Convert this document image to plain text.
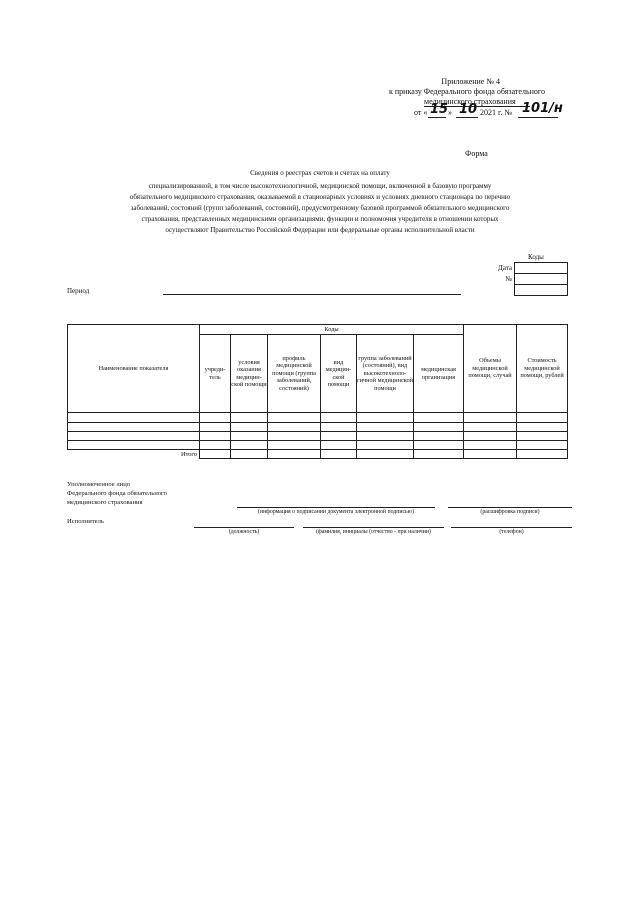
Приложение № 4
к приказу Федерального фонда обязательного
медицинского страхования
от « 15 » 10 2021 г. № 101/н
Форма
Сведения о реестрах счетов и счетах на оплату
специализированной, в том числе высокотехнологичной, медицинской помощи, включенной в базовую программу
обязательного медицинского страхования, оказываемой в стационарных условиях и условиях дневного стационара по перечню
заболеваний, состояний (групп заболеваний, состояний), предусмотренному базовой программой обязательного медицинского
страхования, представленных медицинскими организациями, функции и полномочия учредителя в отношении которых
осуществляют Правительство Российской Федерации или федеральные органы исполнительной власти
Коды
Дата
№
Период
Наименование показателя	Коды						Объемы медицинской помощи, случай	Стоимость медицинской помощи, рублей
	учреди-тель	условия оказания медицин-ской помощи	профиль медицинской помощи (группа заболеваний, состояний)	вид медицин-ской помощи	группа заболеваний (состояний), вид высокотехноло-гичной медицинской помощи	медицинская организация		

Итого								
Уполномоченное лицо
Федерального фонда обязательного
медицинского страхования
(информация о подписании документа электронной подписью)	(расшифровка подписи)
Исполнитель
(должность)	(фамилия, инициалы (отчество - при наличии)	(телефон)
